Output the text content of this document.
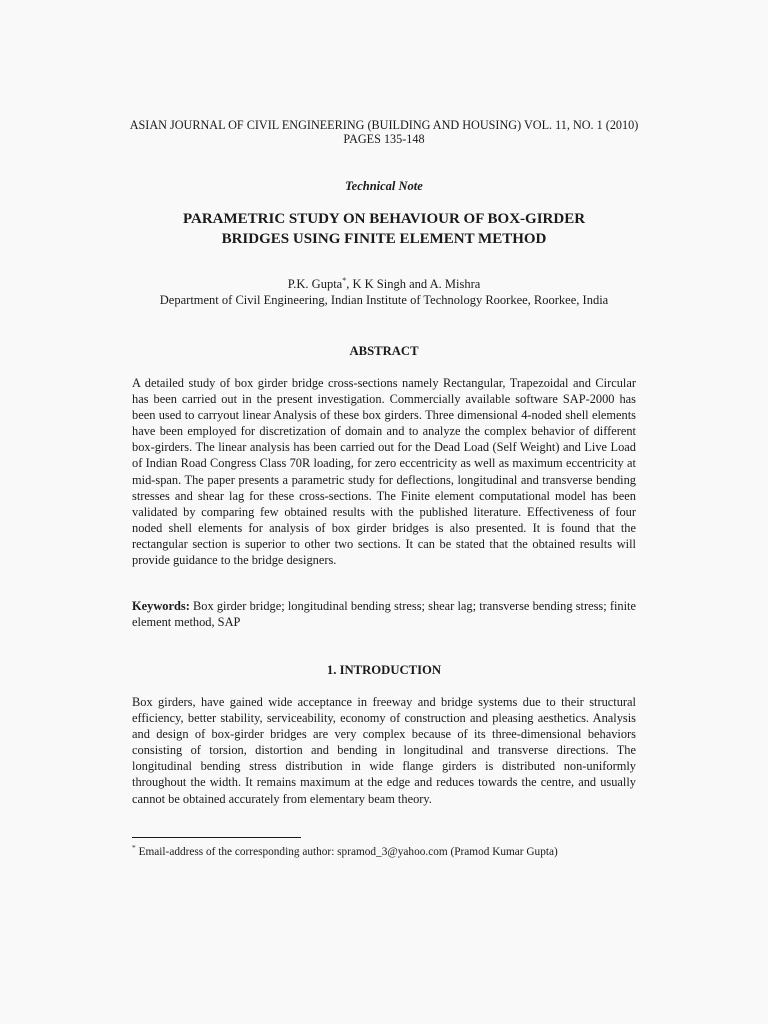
ASIAN JOURNAL OF CIVIL ENGINEERING (BUILDING AND HOUSING) VOL. 11, NO. 1 (2010)
PAGES 135-148
Technical Note
PARAMETRIC STUDY ON BEHAVIOUR OF BOX-GIRDER
BRIDGES USING FINITE ELEMENT METHOD
P.K. Gupta*, K K Singh and A. Mishra
Department of Civil Engineering, Indian Institute of Technology Roorkee, Roorkee, India
ABSTRACT
A detailed study of box girder bridge cross-sections namely Rectangular, Trapezoidal and Circular has been carried out in the present investigation. Commercially available software SAP-2000 has been used to carryout linear Analysis of these box girders. Three dimensional 4-noded shell elements have been employed for discretization of domain and to analyze the complex behavior of different box-girders. The linear analysis has been carried out for the Dead Load (Self Weight) and Live Load of Indian Road Congress Class 70R loading, for zero eccentricity as well as maximum eccentricity at mid-span. The paper presents a parametric study for deflections, longitudinal and transverse bending stresses and shear lag for these cross-sections. The Finite element computational model has been validated by comparing few obtained results with the published literature. Effectiveness of four noded shell elements for analysis of box girder bridges is also presented. It is found that the rectangular section is superior to other two sections. It can be stated that the obtained results will provide guidance to the bridge designers.
Keywords: Box girder bridge; longitudinal bending stress; shear lag; transverse bending stress; finite element method, SAP
1. INTRODUCTION
Box girders, have gained wide acceptance in freeway and bridge systems due to their structural efficiency, better stability, serviceability, economy of construction and pleasing aesthetics. Analysis and design of box-girder bridges are very complex because of its three-dimensional behaviors consisting of torsion, distortion and bending in longitudinal and transverse directions. The longitudinal bending stress distribution in wide flange girders is distributed non-uniformly throughout the width. It remains maximum at the edge and reduces towards the centre, and usually cannot be obtained accurately from elementary beam theory.
* Email-address of the corresponding author: spramod_3@yahoo.com (Pramod Kumar Gupta)
